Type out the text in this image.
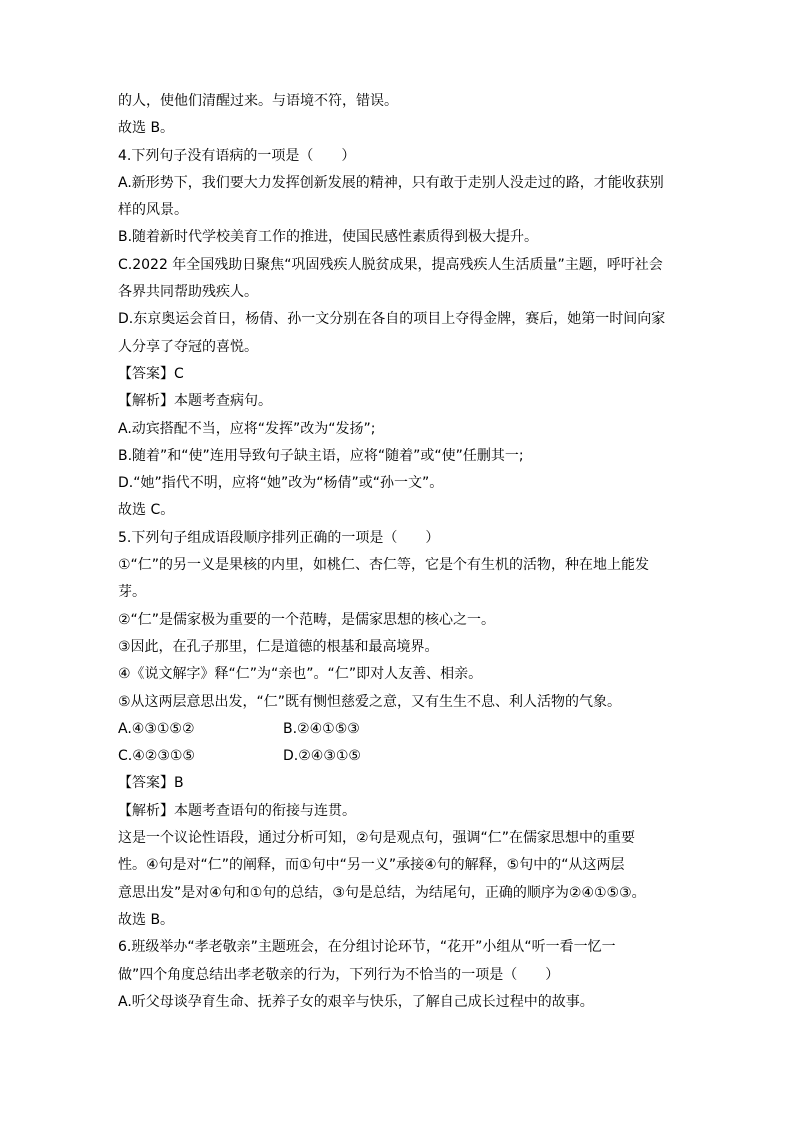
的人，使他们清醒过来。与语境不符，错误。
故选 B。
4.下列句子没有语病的一项是（　　）
A.新形势下，我们要大力发挥创新发展的精神，只有敢于走别人没走过的路，才能收获别
样的风景。
B.随着新时代学校美育工作的推进，使国民感性素质得到极大提升。
C.2022 年全国残助日聚焦“巩固残疾人脱贫成果，提高残疾人生活质量”主题，呼吁社会
各界共同帮助残疾人。
D.东京奥运会首日，杨倩、孙一文分别在各自的项目上夺得金牌，赛后，她第一时间向家
人分享了夺冠的喜悦。
【答案】C
【解析】本题考查病句。
A.动宾搭配不当，应将“发挥”改为“发扬”;
B.随着”和“使”连用导致句子缺主语，应将“随着”或“使”任删其一;
D.“她”指代不明，应将“她”改为“杨倩”或“孙一文”。
故选 C。
5.下列句子组成语段顺序排列正确的一项是（　　）
①“仁”的另一义是果核的内里，如桃仁、杏仁等，它是个有生机的活物，种在地上能发
芽。
②“仁”是儒家极为重要的一个范畴，是儒家思想的核心之一。
③因此，在孔子那里，仁是道德的根基和最高境界。
④《说文解字》释“仁”为“亲也”。“仁”即对人友善、相亲。
⑤从这两层意思出发，“仁”既有恻怛慈爱之意，又有生生不息、利人活物的气象。
A.④③①⑤②	B.②④①⑤③
C.④②③①⑤	D.②④③①⑤
【答案】B
【解析】本题考查语句的衔接与连贯。
这是一个议论性语段，通过分析可知，②句是观点句，强调“仁”在儒家思想中的重要
性。④句是对“仁”的阐释，而①句中“另一义”承接④句的解释，⑤句中的“从这两层
意思出发”是对④句和①句的总结，③句是总结，为结尾句，正确的顺序为②④①⑤③。
故选 B。
6.班级举办“孝老敬亲”主题班会，在分组讨论环节，“花开”小组从“听一看一忆一
做”四个角度总结出孝老敬亲的行为，下列行为不恰当的一项是（　　）
A.听父母谈孕育生命、抚养子女的艰辛与快乐，了解自己成长过程中的故事。
